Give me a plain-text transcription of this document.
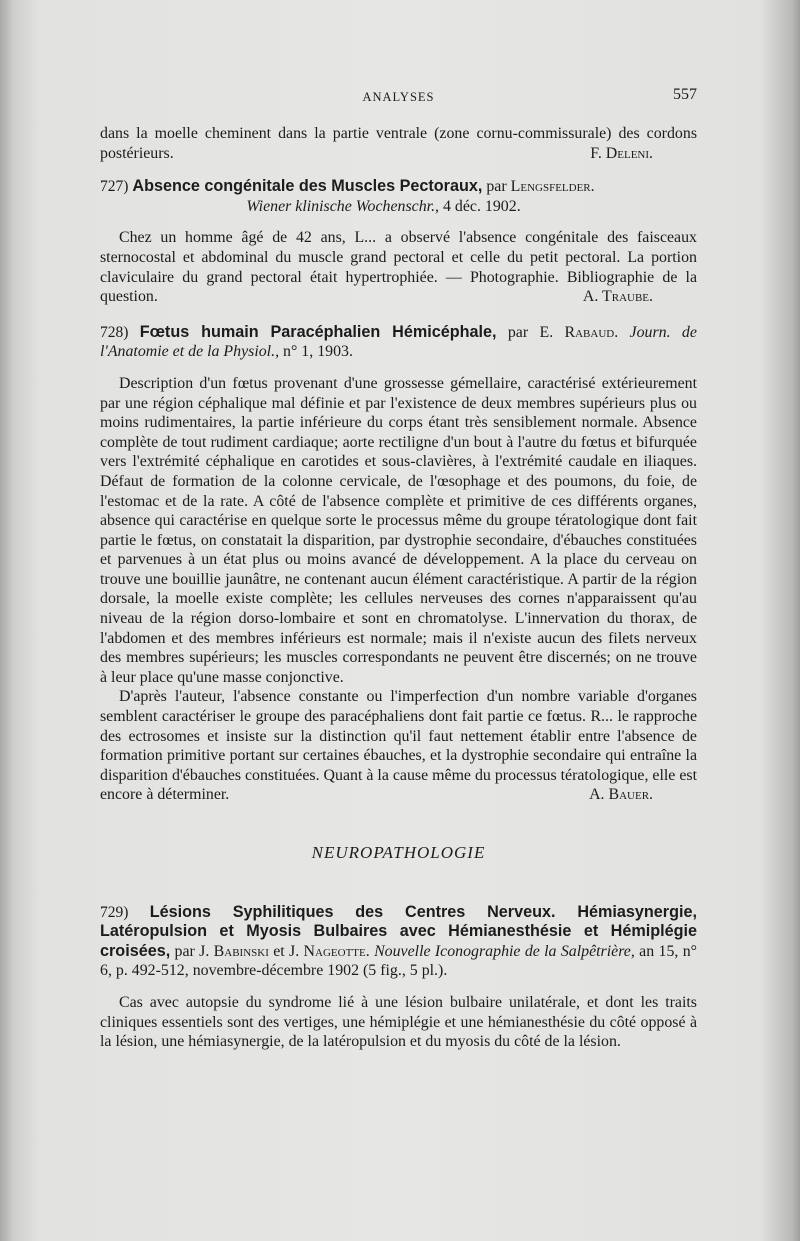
ANALYSES	557

dans la moelle cheminent dans la partie ventrale (zone cornu-commissurale) des cordons postérieurs.	F. Deleni.

727) Absence congénitale des Muscles Pectoraux, par Lengsfelder.

Wiener klinische Wochenschr., 4 déc. 1902.

Chez un homme âgé de 42 ans, L... a observé l'absence congénitale des faisceaux sternocostal et abdominal du muscle grand pectoral et celle du petit pectoral. La portion claviculaire du grand pectoral était hypertrophiée. — Photographie. Bibliographie de la question.	A. Traube.

728) Fœtus humain Paracéphalien Hémicéphale, par E. Rabaud. Journ. de l'Anatomie et de la Physiol., n° 1, 1903.

Description d'un fœtus provenant d'une grossesse gémellaire, caractérisé extérieurement par une région céphalique mal définie et par l'existence de deux membres supérieurs plus ou moins rudimentaires, la partie inférieure du corps étant très sensiblement normale. Absence complète de tout rudiment cardiaque; aorte rectiligne d'un bout à l'autre du fœtus et bifurquée vers l'extrémité céphalique en carotides et sous-clavières, à l'extrémité caudale en iliaques. Défaut de formation de la colonne cervicale, de l'œsophage et des poumons, du foie, de l'estomac et de la rate. A côté de l'absence complète et primitive de ces différents organes, absence qui caractérise en quelque sorte le processus même du groupe tératologique dont fait partie le fœtus, on constatait la disparition, par dystrophie secondaire, d'ébauches constituées et parvenues à un état plus ou moins avancé de développement. A la place du cerveau on trouve une bouillie jaunâtre, ne contenant aucun élément caractéristique. A partir de la région dorsale, la moelle existe complète; les cellules nerveuses des cornes n'apparaissent qu'au niveau de la région dorso-lombaire et sont en chromatolyse. L'innervation du thorax, de l'abdomen et des membres inférieurs est normale; mais il n'existe aucun des filets nerveux des membres supérieurs; les muscles correspondants ne peuvent être discernés; on ne trouve à leur place qu'une masse conjonctive.

D'après l'auteur, l'absence constante ou l'imperfection d'un nombre variable d'organes semblent caractériser le groupe des paracéphaliens dont fait partie ce fœtus. R... le rapproche des ectrosomes et insiste sur la distinction qu'il faut nettement établir entre l'absence de formation primitive portant sur certaines ébauches, et la dystrophie secondaire qui entraîne la disparition d'ébauches constituées. Quant à la cause même du processus tératologique, elle est encore à déterminer.	A. Bauer.

NEUROPATHOLOGIE

729) Lésions Syphilitiques des Centres Nerveux. Hémiasynergie, Latéropulsion et Myosis Bulbaires avec Hémianesthésie et Hémiplégie croisées, par J. Babinski et J. Nageotte. Nouvelle Iconographie de la Salpêtrière, an 15, n° 6, p. 492-512, novembre-décembre 1902 (5 fig., 5 pl.).

Cas avec autopsie du syndrome lié à une lésion bulbaire unilatérale, et dont les traits cliniques essentiels sont des vertiges, une hémiplégie et une hémianesthésie du côté opposé à la lésion, une hémiasynergie, de la latéropulsion et du myosis du côté de la lésion.
